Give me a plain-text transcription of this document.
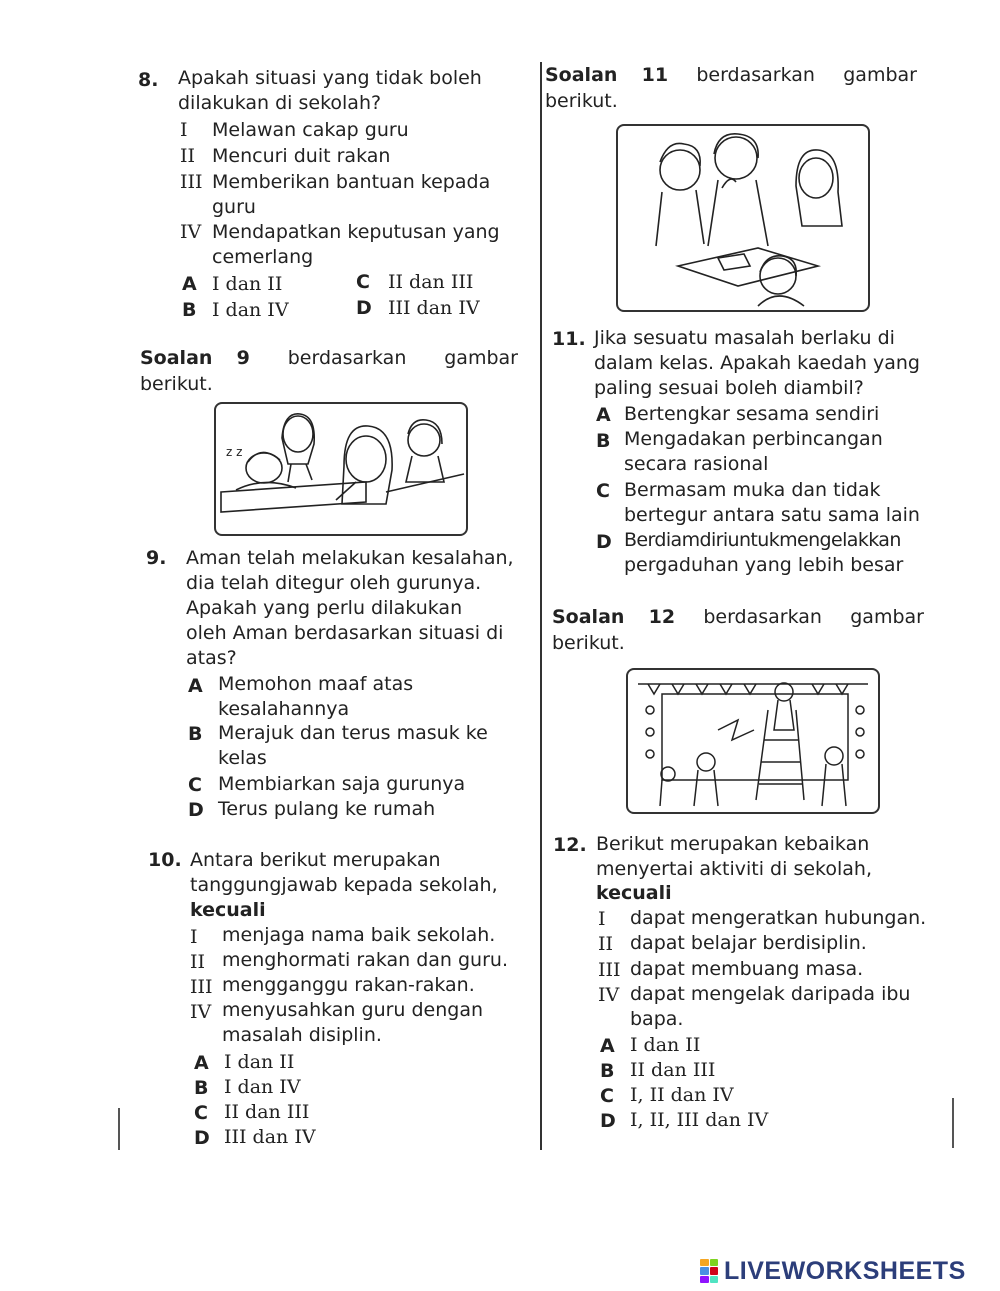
8. Apakah situasi yang tidak boleh
dilakukan di sekolah?
I Melawan cakap guru
II Mencuri duit rakan
III Memberikan bantuan kepada
guru
IV Mendapatkan keputusan yang
cemerlang
A I dan II	C II dan III
B I dan IV	D III dan IV
Soalan 9 berdasarkan gambar
berikut.
z z
9. Aman telah melakukan kesalahan,
dia telah ditegur oleh gurunya.
Apakah yang perlu dilakukan
oleh Aman berdasarkan situasi di
atas?
A Memohon maaf atas
kesalahannya
B Merajuk dan terus masuk ke
kelas
C Membiarkan saja gurunya
D Terus pulang ke rumah
10. Antara berikut merupakan
tanggungjawab kepada sekolah,
kecuali
I menjaga nama baik sekolah.
II menghormati rakan dan guru.
III mengganggu rakan-rakan.
IV menyusahkan guru dengan
masalah disiplin.
A I dan II
B I dan IV
C II dan III
D III dan IV
Soalan 11 berdasarkan gambar
berikut.
11. Jika sesuatu masalah berlaku di
dalam kelas. Apakah kaedah yang
paling sesuai boleh diambil?
A Bertengkar sesama sendiri
B Mengadakan perbincangan
secara rasional
C Bermasam muka dan tidak
bertegur antara satu sama lain
D Berdiamdiriuntukmengelakkan
pergaduhan yang lebih besar
Soalan 12 berdasarkan gambar
berikut.
12. Berikut merupakan kebaikan
menyertai aktiviti di sekolah,
kecuali
I dapat mengeratkan hubungan.
II dapat belajar berdisiplin.
III dapat membuang masa.
IV dapat mengelak daripada ibu
bapa.
A I dan II
B II dan III
C I, II dan IV
D I, II, III dan IV
LIVEWORKSHEETS
